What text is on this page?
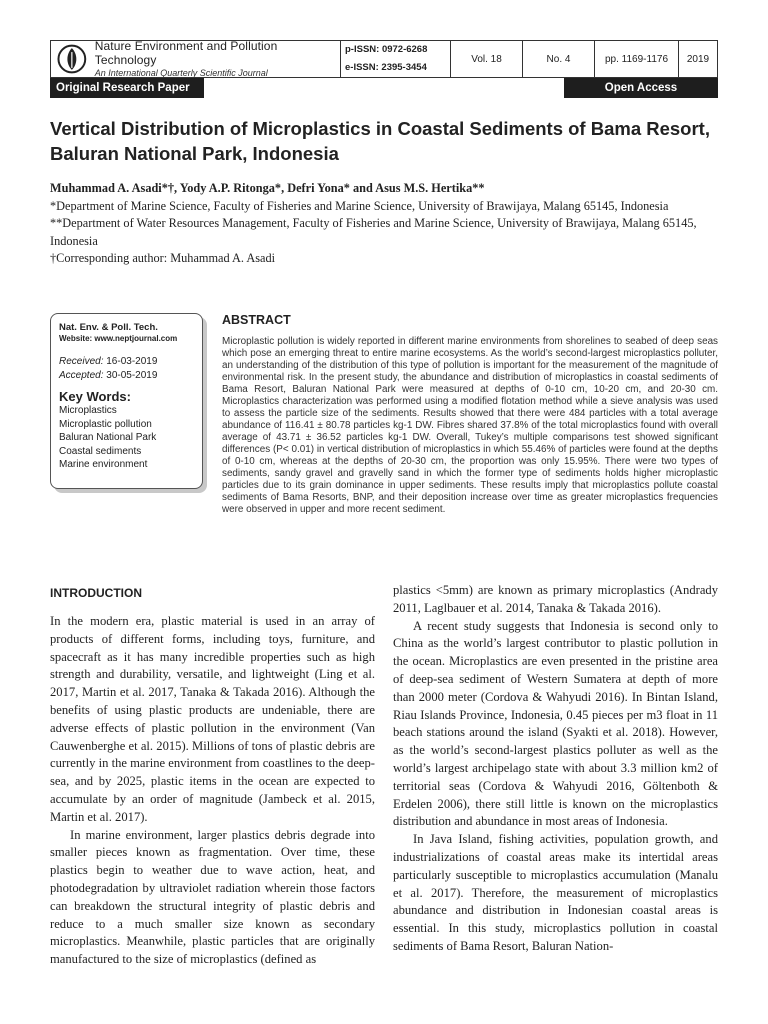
Nature Environment and Pollution Technology
An International Quarterly Scientific Journal
p-ISSN: 0972-6268
e-ISSN: 2395-3454
Vol. 18	No. 4	pp. 1169-1176	2019
Original Research Paper	Open Access
Vertical Distribution of Microplastics in Coastal Sediments of Bama Resort, Baluran National Park, Indonesia
Muhammad A. Asadi*†, Yody A.P. Ritonga*, Defri Yona* and Asus M.S. Hertika**
*Department of Marine Science, Faculty of Fisheries and Marine Science, University of Brawijaya, Malang 65145, Indonesia
**Department of Water Resources Management, Faculty of Fisheries and Marine Science, University of Brawijaya, Malang 65145, Indonesia
†Corresponding author: Muhammad A. Asadi
Nat. Env. & Poll. Tech.
Website: www.neptjournal.com
Received: 16-03-2019
Accepted: 30-05-2019
Key Words:
Microplastics
Microplastic pollution
Baluran National Park
Coastal sediments
Marine environment
ABSTRACT

Microplastic pollution is widely reported in different marine environments from shorelines to seabed of deep seas which pose an emerging threat to entire marine ecosystems. As the world’s second-largest microplastics polluter, an understanding of the distribution of this type of pollution is important for the measurement of the magnitude of environmental risk. In the present study, the abundance and distribution of microplastics in coastal sediments of Bama Resort, Baluran National Park were measured at depths of 0-10 cm, 10-20 cm, and 20-30 cm. Microplastics characterization was performed using a modified flotation method while a sieve analysis was used to assess the particle size of the sediments. Results showed that there were 484 particles with a total average abundance of 116.41 ± 80.78 particles kg-1 DW. Fibres shared 37.8% of the total microplastics found with overall average of 43.71 ± 36.52 particles kg-1 DW. Overall, Tukey’s multiple comparisons test showed significant differences (P< 0.01) in vertical distribution of microplastics in which 55.46% of particles were found at the depths of 0-10 cm, whereas at the depths of 20-30 cm, the proportion was only 15.95%. There were two types of sediments, sandy gravel and gravelly sand in which the former type of sediments holds higher microplastic particles due to its grain dominance in upper sediments. These results imply that microplastics pollute coastal sediments of Bama Resorts, BNP, and their deposition increase over time as greater microplastics frequencies were observed in upper and more recent sediment.

INTRODUCTION

In the modern era, plastic material is used in an array of products of different forms, including toys, furniture, and spacecraft as it has many incredible properties such as high strength and durability, versatile, and lightweight (Ling et al. 2017, Martin et al. 2017, Tanaka & Takada 2016). Although the benefits of using plastic products are undeniable, there are adverse effects of plastic pollution in the environment (Van Cauwenberghe et al. 2015). Millions of tons of plastic debris are currently in the marine environment from coastlines to the deep-sea, and by 2025, plastic items in the ocean are expected to accumulate by an order of magnitude (Jambeck et al. 2015, Martin et al. 2017).

In marine environment, larger plastics debris degrade into smaller pieces known as fragmentation. Over time, these plastics begin to weather due to wave action, heat, and photodegradation by ultraviolet radiation wherein those factors can breakdown the structural integrity of plastic debris and reduce to a much smaller size known as secondary microplastics. Meanwhile, plastic particles that are originally manufactured to the size of microplastics (defined as

plastics <5mm) are known as primary microplastics (Andrady 2011, Laglbauer et al. 2014, Tanaka & Takada 2016).

A recent study suggests that Indonesia is second only to China as the world’s largest contributor to plastic pollution in the ocean. Microplastics are even presented in the pristine area of deep-sea sediment of Western Sumatera at depth of more than 2000 meter (Cordova & Wahyudi 2016). In Bintan Island, Riau Islands Province, Indonesia, 0.45 pieces per m3 float in 11 beach stations around the island (Syakti et al. 2018). However, as the world’s second-largest plastics polluter as well as the world’s largest archipelago state with about 3.3 million km2 of territorial seas (Cordova & Wahyudi 2016, Göltenboth & Erdelen 2006), there still little is known on the microplastics distribution and abundance in most areas of Indonesia.

In Java Island, fishing activities, population growth, and industrializations of coastal areas make its intertidal areas particularly susceptible to microplastics accumulation (Manalu et al. 2017). Therefore, the measurement of microplastics abundance and distribution in Indonesian coastal areas is essential. In this study, microplastics pollution in coastal sediments of Bama Resort, Baluran Nation-
